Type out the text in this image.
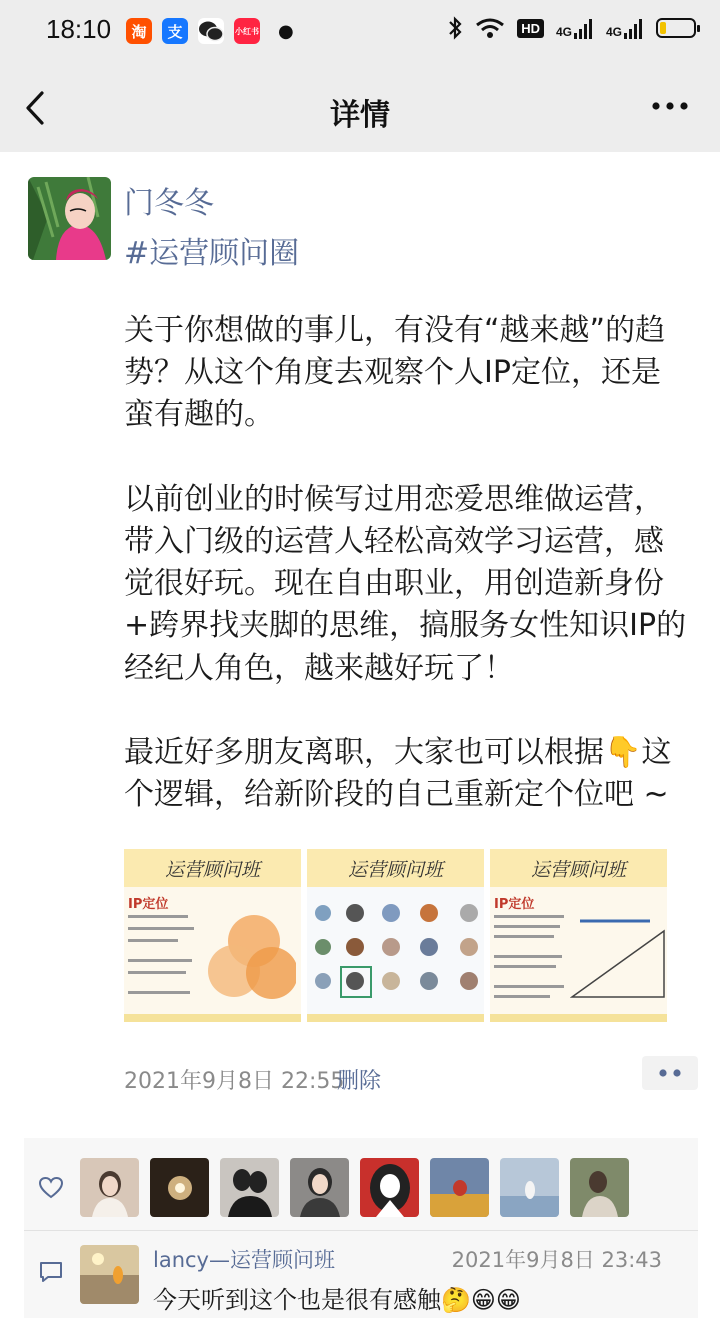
18:10	淘	支	小红书 ●	HD	4G	4G
详情
门冬冬
#运营顾问圈
关于你想做的事儿，有没有“越来越”的趋
势？从这个角度去观察个人IP定位，还是
蛮有趣的。

以前创业的时候写过用恋爱思维做运营，
带入门级的运营人轻松高效学习运营，感
觉很好玩。现在自由职业，用创造新身份
+跨界找夹脚的思维，搞服务女性知识IP的
经纪人角色，越来越好玩了！

最近好多朋友离职，大家也可以根据👇这
个逻辑，给新阶段的自己重新定个位吧 ~
运营顾问班
IP定位
运营顾问班	运营顾问班
IP定位
2021年9月8日 22:55
删除
lancy—运营顾问班	2021年9月8日 23:43
今天听到这个也是很有感触🤔😁😁
